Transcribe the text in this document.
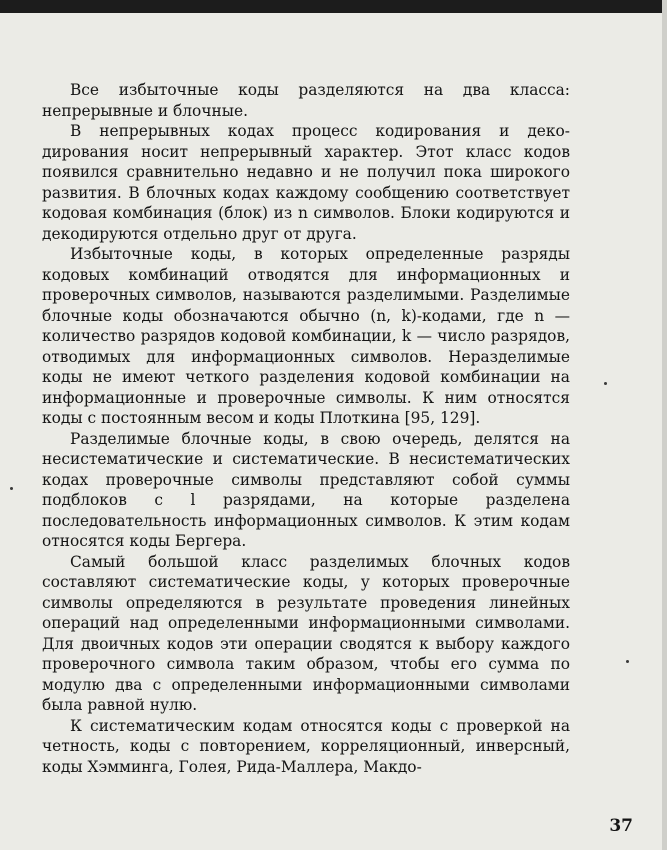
Все избыточные коды разделяются на два класса: непрерывные и блочные.

В непрерывных кодах процесс кодирования и декодирования носит непрерывный характер. Этот класс кодов появился сравнительно недавно и не получил пока широкого развития. В блочных кодах каждому сообщению соответствует кодовая комбинация (блок) из n символов. Блоки кодируются и декодируются отдельно друг от друга.

Избыточные коды, в которых определенные разряды кодовых комбинаций отводятся для информационных и проверочных символов, называются разделимыми. Разделимые блочные коды обозначаются обычно (n, k)-кодами, где n — количество разрядов кодовой комбинации, k — число разрядов, отводимых для информационных символов. Неразделимые коды не имеют четкого разделения кодовой комбинации на информационные и проверочные символы. К ним относятся коды с постоянным весом и коды Плоткина [95, 129].

Разделимые блочные коды, в свою очередь, делятся на несистематические и систематические. В несистематических кодах проверочные символы представляют собой суммы подблоков с l разрядами, на которые разделена последовательность информационных символов. К этим кодам относятся коды Бергера.

Самый большой класс разделимых блочных кодов составляют систематические коды, у которых проверочные символы определяются в результате проведения линейных операций над определенными информационными символами. Для двоичных кодов эти операции сводятся к выбору каждого проверочного символа таким образом, чтобы его сумма по модулю два с определенными информационными символами была равной нулю.

К систематическим кодам относятся коды с проверкой на четность, коды с повторением, корреляционный, инверсный, коды Хэмминга, Голея, Рида-Маллера, Макдо-

37
